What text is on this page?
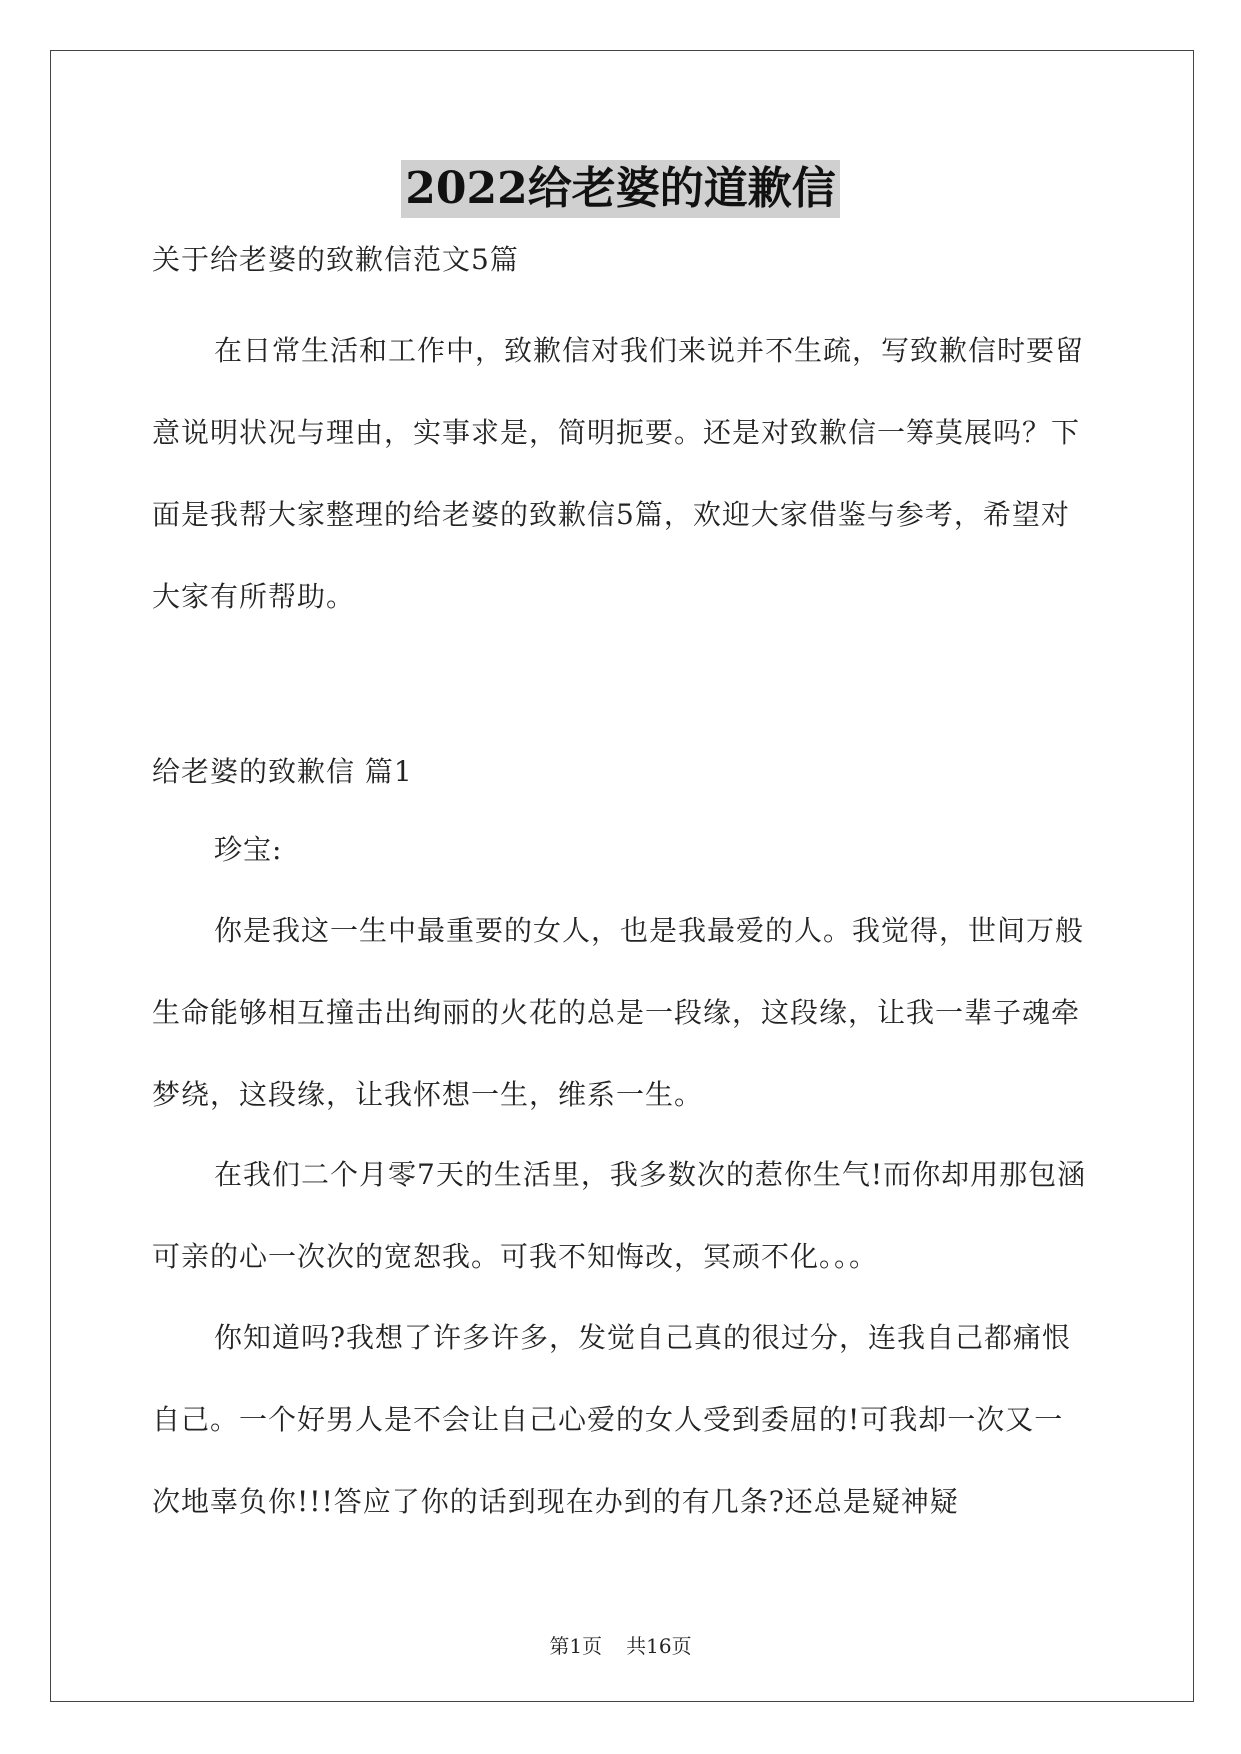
2022给老婆的道歉信

关于给老婆的致歉信范文5篇

在日常生活和工作中，致歉信对我们来说并不生疏，写致歉信时要留意说明状况与理由，实事求是，简明扼要。还是对致歉信一筹莫展吗？下面是我帮大家整理的给老婆的致歉信5篇，欢迎大家借鉴与参考，希望对大家有所帮助。

给老婆的致歉信 篇1

珍宝:

你是我这一生中最重要的女人，也是我最爱的人。我觉得，世间万般生命能够相互撞击出绚丽的火花的总是一段缘，这段缘，让我一辈子魂牵梦绕，这段缘，让我怀想一生，维系一生。

在我们二个月零7天的生活里，我多数次的惹你生气!而你却用那包涵可亲的心一次次的宽恕我。可我不知悔改，冥顽不化。。。

你知道吗?我想了许多许多，发觉自己真的很过分，连我自己都痛恨自己。一个好男人是不会让自己心爱的女人受到委屈的!可我却一次又一次地辜负你!!!答应了你的话到现在办到的有几条?还总是疑神疑

第1页 共16页
